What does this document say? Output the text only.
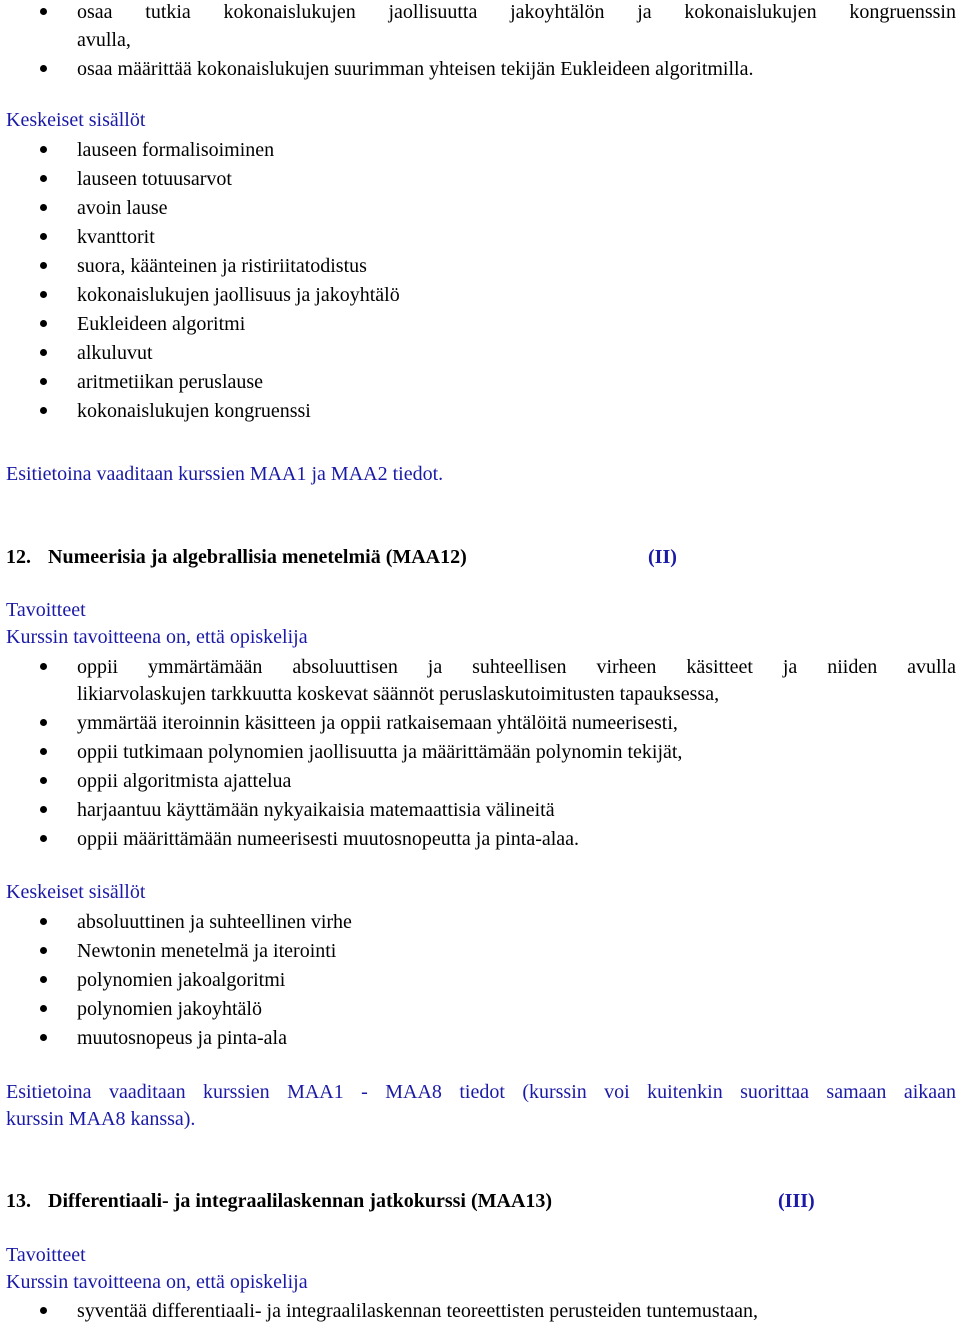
osaa tutkia kokonaislukujen jaollisuutta jakoyhtälön ja kokonaislukujen kongruenssin
avulla,
osaa määrittää kokonaislukujen suurimman yhteisen tekijän Eukleideen algoritmilla.
Keskeiset sisällöt
lauseen formalisoiminen
lauseen totuusarvot
avoin lause
kvanttorit
suora, käänteinen ja ristiriitatodistus
kokonaislukujen jaollisuus ja jakoyhtälö
Eukleideen algoritmi
alkuluvut
aritmetiikan peruslause
kokonaislukujen kongruenssi
Esitietoina vaaditaan kurssien MAA1 ja MAA2 tiedot.
12. Numeerisia ja algebrallisia menetelmiä (MAA12)	(II)
Tavoitteet
Kurssin tavoitteena on, että opiskelija
oppii ymmärtämään absoluuttisen ja suhteellisen virheen käsitteet ja niiden avulla
likiarvolaskujen tarkkuutta koskevat säännöt peruslaskutoimitusten tapauksessa,
ymmärtää iteroinnin käsitteen ja oppii ratkaisemaan yhtälöitä numeerisesti,
oppii tutkimaan polynomien jaollisuutta ja määrittämään polynomin tekijät,
oppii algoritmista ajattelua
harjaantuu käyttämään nykyaikaisia matemaattisia välineitä
oppii määrittämään numeerisesti muutosnopeutta ja pinta-alaa.
Keskeiset sisällöt
absoluuttinen ja suhteellinen virhe
Newtonin menetelmä ja iterointi
polynomien jakoalgoritmi
polynomien jakoyhtälö
muutosnopeus ja pinta-ala
Esitietoina vaaditaan kurssien MAA1 - MAA8 tiedot (kurssin voi kuitenkin suorittaa samaan aikaan
kurssin MAA8 kanssa).
13. Differentiaali- ja integraalilaskennan jatkokurssi (MAA13)	(III)
Tavoitteet
Kurssin tavoitteena on, että opiskelija
syventää differentiaali- ja integraalilaskennan teoreettisten perusteiden tuntemustaan,
